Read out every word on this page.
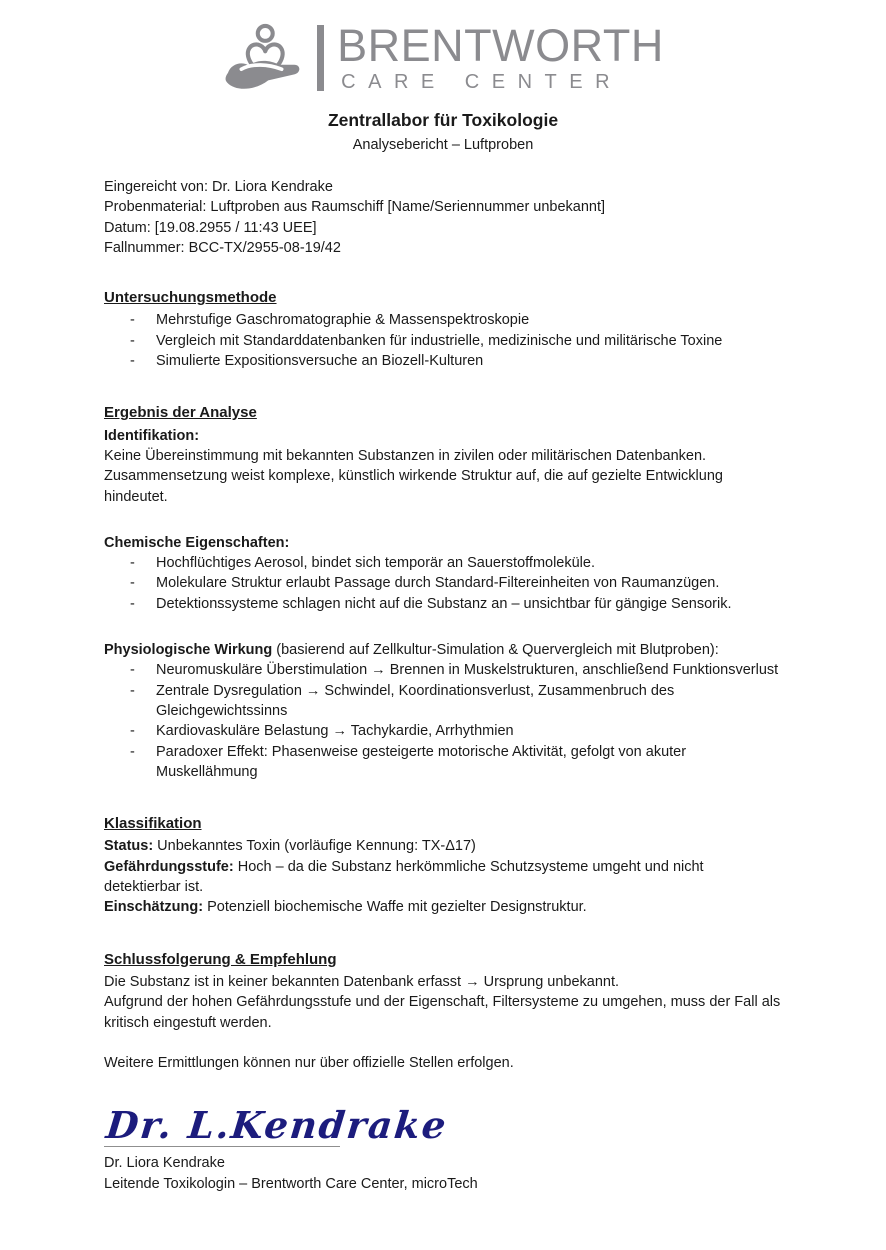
BRENTWORTH
CARE CENTER
Zentrallabor für Toxikologie
Analysebericht – Luftproben
Eingereicht von: Dr. Liora Kendrake
Probenmaterial: Luftproben aus Raumschiff [Name/Seriennummer unbekannt]
Datum: [19.08.2955 / 11:43 UEE]
Fallnummer: BCC-TX/2955-08-19/42
Untersuchungsmethode
- Mehrstufige Gaschromatographie & Massenspektroskopie
- Vergleich mit Standarddatenbanken für industrielle, medizinische und militärische Toxine
- Simulierte Expositionsversuche an Biozell-Kulturen
Ergebnis der Analyse
Identifikation:
Keine Übereinstimmung mit bekannten Substanzen in zivilen oder militärischen Datenbanken. Zusammensetzung weist komplexe, künstlich wirkende Struktur auf, die auf gezielte Entwicklung hindeutet.
Chemische Eigenschaften:
- Hochflüchtiges Aerosol, bindet sich temporär an Sauerstoffmoleküle.
- Molekulare Struktur erlaubt Passage durch Standard-Filtereinheiten von Raumanzügen.
- Detektionssysteme schlagen nicht auf die Substanz an – unsichtbar für gängige Sensorik.
Physiologische Wirkung (basierend auf Zellkultur-Simulation & Quervergleich mit Blutproben):
- Neuromuskuläre Überstimulation → Brennen in Muskelstrukturen, anschließend Funktionsverlust
- Zentrale Dysregulation → Schwindel, Koordinationsverlust, Zusammenbruch des Gleichgewichtssinns
- Kardiovaskuläre Belastung → Tachykardie, Arrhythmien
- Paradoxer Effekt: Phasenweise gesteigerte motorische Aktivität, gefolgt von akuter Muskellähmung
Klassifikation
Status: Unbekanntes Toxin (vorläufige Kennung: TX-Δ17)
Gefährdungsstufe: Hoch – da die Substanz herkömmliche Schutzsysteme umgeht und nicht detektierbar ist.
Einschätzung: Potenziell biochemische Waffe mit gezielter Designstruktur.
Schlussfolgerung & Empfehlung
Die Substanz ist in keiner bekannten Datenbank erfasst → Ursprung unbekannt.
Aufgrund der hohen Gefährdungsstufe und der Eigenschaft, Filtersysteme zu umgehen, muss der Fall als kritisch eingestuft werden.
Weitere Ermittlungen können nur über offizielle Stellen erfolgen.
Dr. L.Kendrake
Dr. Liora Kendrake
Leitende Toxikologin – Brentworth Care Center, microTech
